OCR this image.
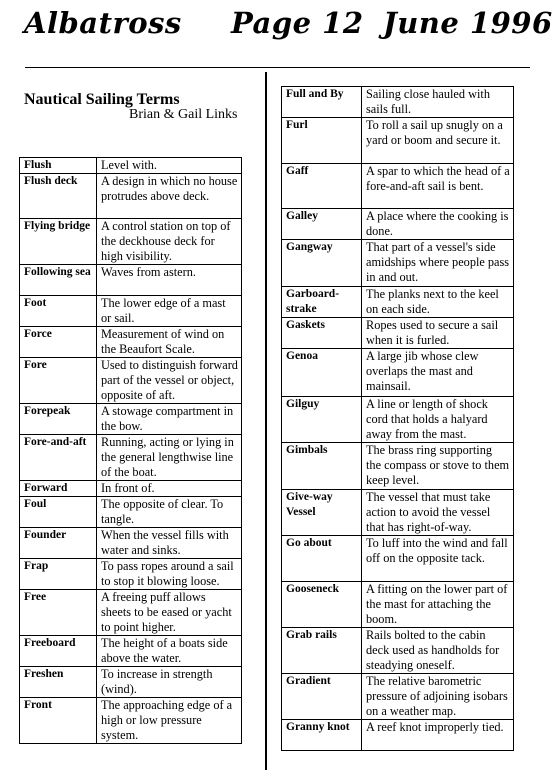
Albatross Page 12 June 1996
Nautical Sailing Terms
Brian & Gail Links
Flush	Level with.
Flush deck	A design in which no house protrudes above deck.
Flying bridge	A control station on top of the deckhouse deck for high visibility.
Following sea	Waves from astern.
Foot	The lower edge of a mast or sail.
Force	Measurement of wind on the Beaufort Scale.
Fore	Used to distinguish forward part of the vessel or object, opposite of aft.
Forepeak	A stowage compartment in the bow.
Fore-and-aft	Running, acting or lying in the general lengthwise line of the boat.
Forward	In front of.
Foul	The opposite of clear. To tangle.
Founder	When the vessel fills with water and sinks.
Frap	To pass ropes around a sail to stop it blowing loose.
Free	A freeing puff allows sheets to be eased or yacht to point higher.
Freeboard	The height of a boats side above the water.
Freshen	To increase in strength (wind).
Front	The approaching edge of a high or low pressure system.
Full and By	Sailing close hauled with sails full.
Furl	To roll a sail up snugly on a yard or boom and secure it.
Gaff	A spar to which the head of a fore-and-aft sail is bent.
Galley	A place where the cooking is done.
Gangway	That part of a vessel's side amidships where people pass in and out.
Garboard-strake	The planks next to the keel on each side.
Gaskets	Ropes used to secure a sail when it is furled.
Genoa	A large jib whose clew overlaps the mast and mainsail.
Gilguy	A line or length of shock cord that holds a halyard away from the mast.
Gimbals	The brass ring supporting the compass or stove to them keep level.
Give-way Vessel	The vessel that must take action to avoid the vessel that has right-of-way.
Go about	To luff into the wind and fall off on the opposite tack.
Gooseneck	A fitting on the lower part of the mast for attaching the boom.
Grab rails	Rails bolted to the cabin deck used as handholds for steadying oneself.
Gradient	The relative barometric pressure of adjoining isobars on a weather map.
Granny knot	A reef knot improperly tied.
